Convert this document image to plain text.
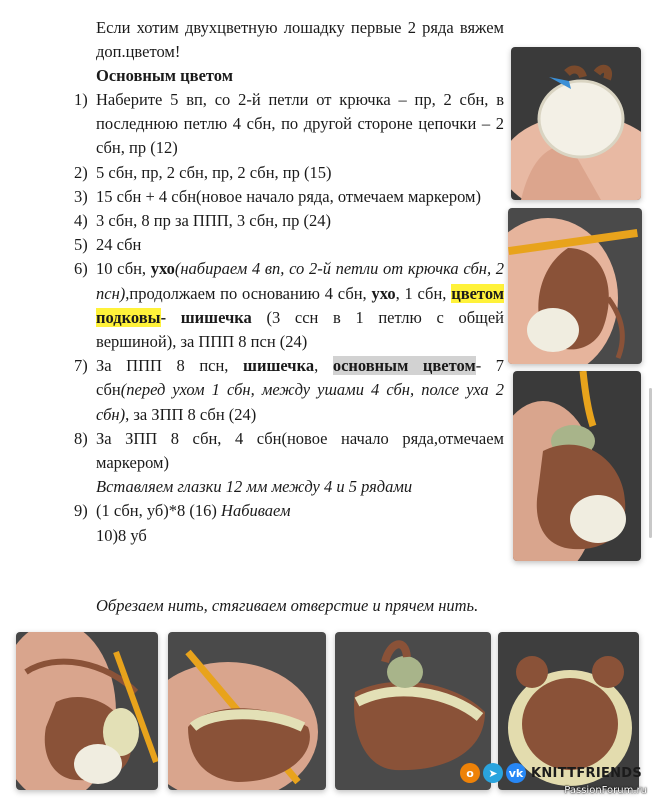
Если хотим двухцветную лошадку первые 2 ряда вяжем доп.цветом!
Основным цветом
1) Наберите 5 вп, со 2-й петли от крючка – пр, 2 сбн, в последнюю петлю 4 сбн, по другой стороне цепочки – 2 сбн, пр (12)
2) 5 сбн, пр, 2 сбн, пр, 2 сбн, пр (15)
3) 15 сбн + 4 сбн(новое начало ряда, отмечаем маркером)
4) 3 сбн, 8 пр за ППП, 3 сбн, пр (24)
5) 24 сбн
6) 10 сбн, ухо(набираем 4 вп, со 2-й петли от крючка сбн, 2 псн),продолжаем по основанию 4 сбн, ухо, 1 сбн, цветом подковы- шишечка (3 ссн в 1 петлю с общей вершиной), за ППП 8 псн (24)
7) За ППП 8 псн, шишечка, основным цветом- 7 сбн(перед ухом 1 сбн, между ушами 4 сбн, полсе уха 2 сбн), за ЗПП 8 сбн (24)
8) За ЗПП 8 сбн, 4 сбн(новое начало ряда,отмечаем маркером)
Вставляем глазки 12 мм между 4 и 5 рядами
9) (1 сбн, уб)*8 (16) Набиваем
10)8 уб
Обрезаем нить, стягиваем отверстие и прячем нить.
о	➤	vk KNITTFRIENDS
PassionForum.ru
